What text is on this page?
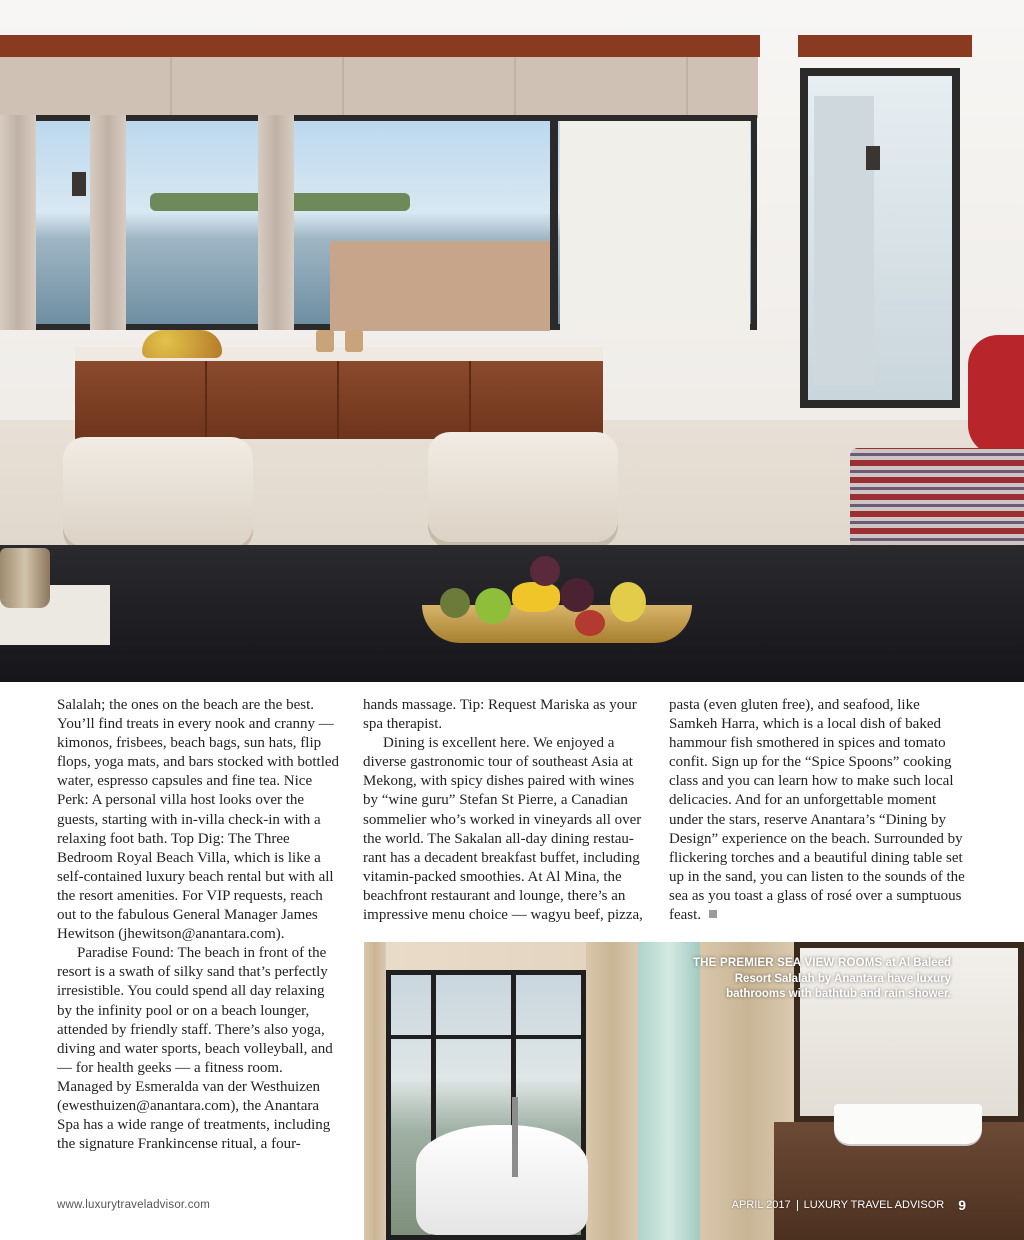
Salalah; the ones on the beach are the best. You’ll find treats in every nook and cranny — kimonos, frisbees, beach bags, sun hats, flip flops, yoga mats, and bars stocked with bottled water, espresso capsules and fine tea. Nice Perk: A personal villa host looks over the guests, starting with in-villa check-in with a relaxing foot bath. Top Dig: The Three Bedroom Royal Beach Villa, which is like a self-contained luxury beach rental but with all the resort amenities. For VIP requests, reach out to the fabulous General Manager James Hewitson (jhewitson@anantara.com).

Paradise Found: The beach in front of the resort is a swath of silky sand that’s perfectly irresistible. You could spend all day relaxing by the infinity pool or on a beach lounger, attended by friendly staff. There’s also yoga, diving and water sports, beach volleyball, and — for health geeks — a fitness room. Managed by Esmeralda van der Westhuizen (ewesthuizen@anantara.com), the Anantara Spa has a wide range of treatments, including the signature Frankincense ritual, a four-

hands massage. Tip: Request Mariska as your spa therapist.

Dining is excellent here. We enjoyed a diverse gastronomic tour of southeast Asia at Mekong, with spicy dishes paired with wines by “wine guru” Stefan St Pierre, a Canadian sommelier who’s worked in vineyards all over the world. The Sakalan all-day dining restau-rant has a decadent breakfast buffet, including vitamin-packed smoothies. At Al Mina, the beachfront restaurant and lounge, there’s an impressive menu choice — wagyu beef, pizza,

pasta (even gluten free), and seafood, like Samkeh Harra, which is a local dish of baked hammour fish smothered in spices and tomato confit. Sign up for the “Spice Spoons” cooking class and you can learn how to make such local delicacies. And for an unforgettable moment under the stars, reserve Anantara’s “Dining by Design” experience on the beach. Surrounded by flickering torches and a beautiful dining table set up in the sand, you can listen to the sounds of the sea as you toast a glass of rosé over a sumptuous feast.

THE PREMIER SEA VIEW ROOMS at Al Baleed Resort Salalah by Anantara have luxury bathrooms with bathtub and rain shower.

www.luxurytraveladvisor.com	APRIL 2017 LUXURY TRAVEL ADVISOR 9
